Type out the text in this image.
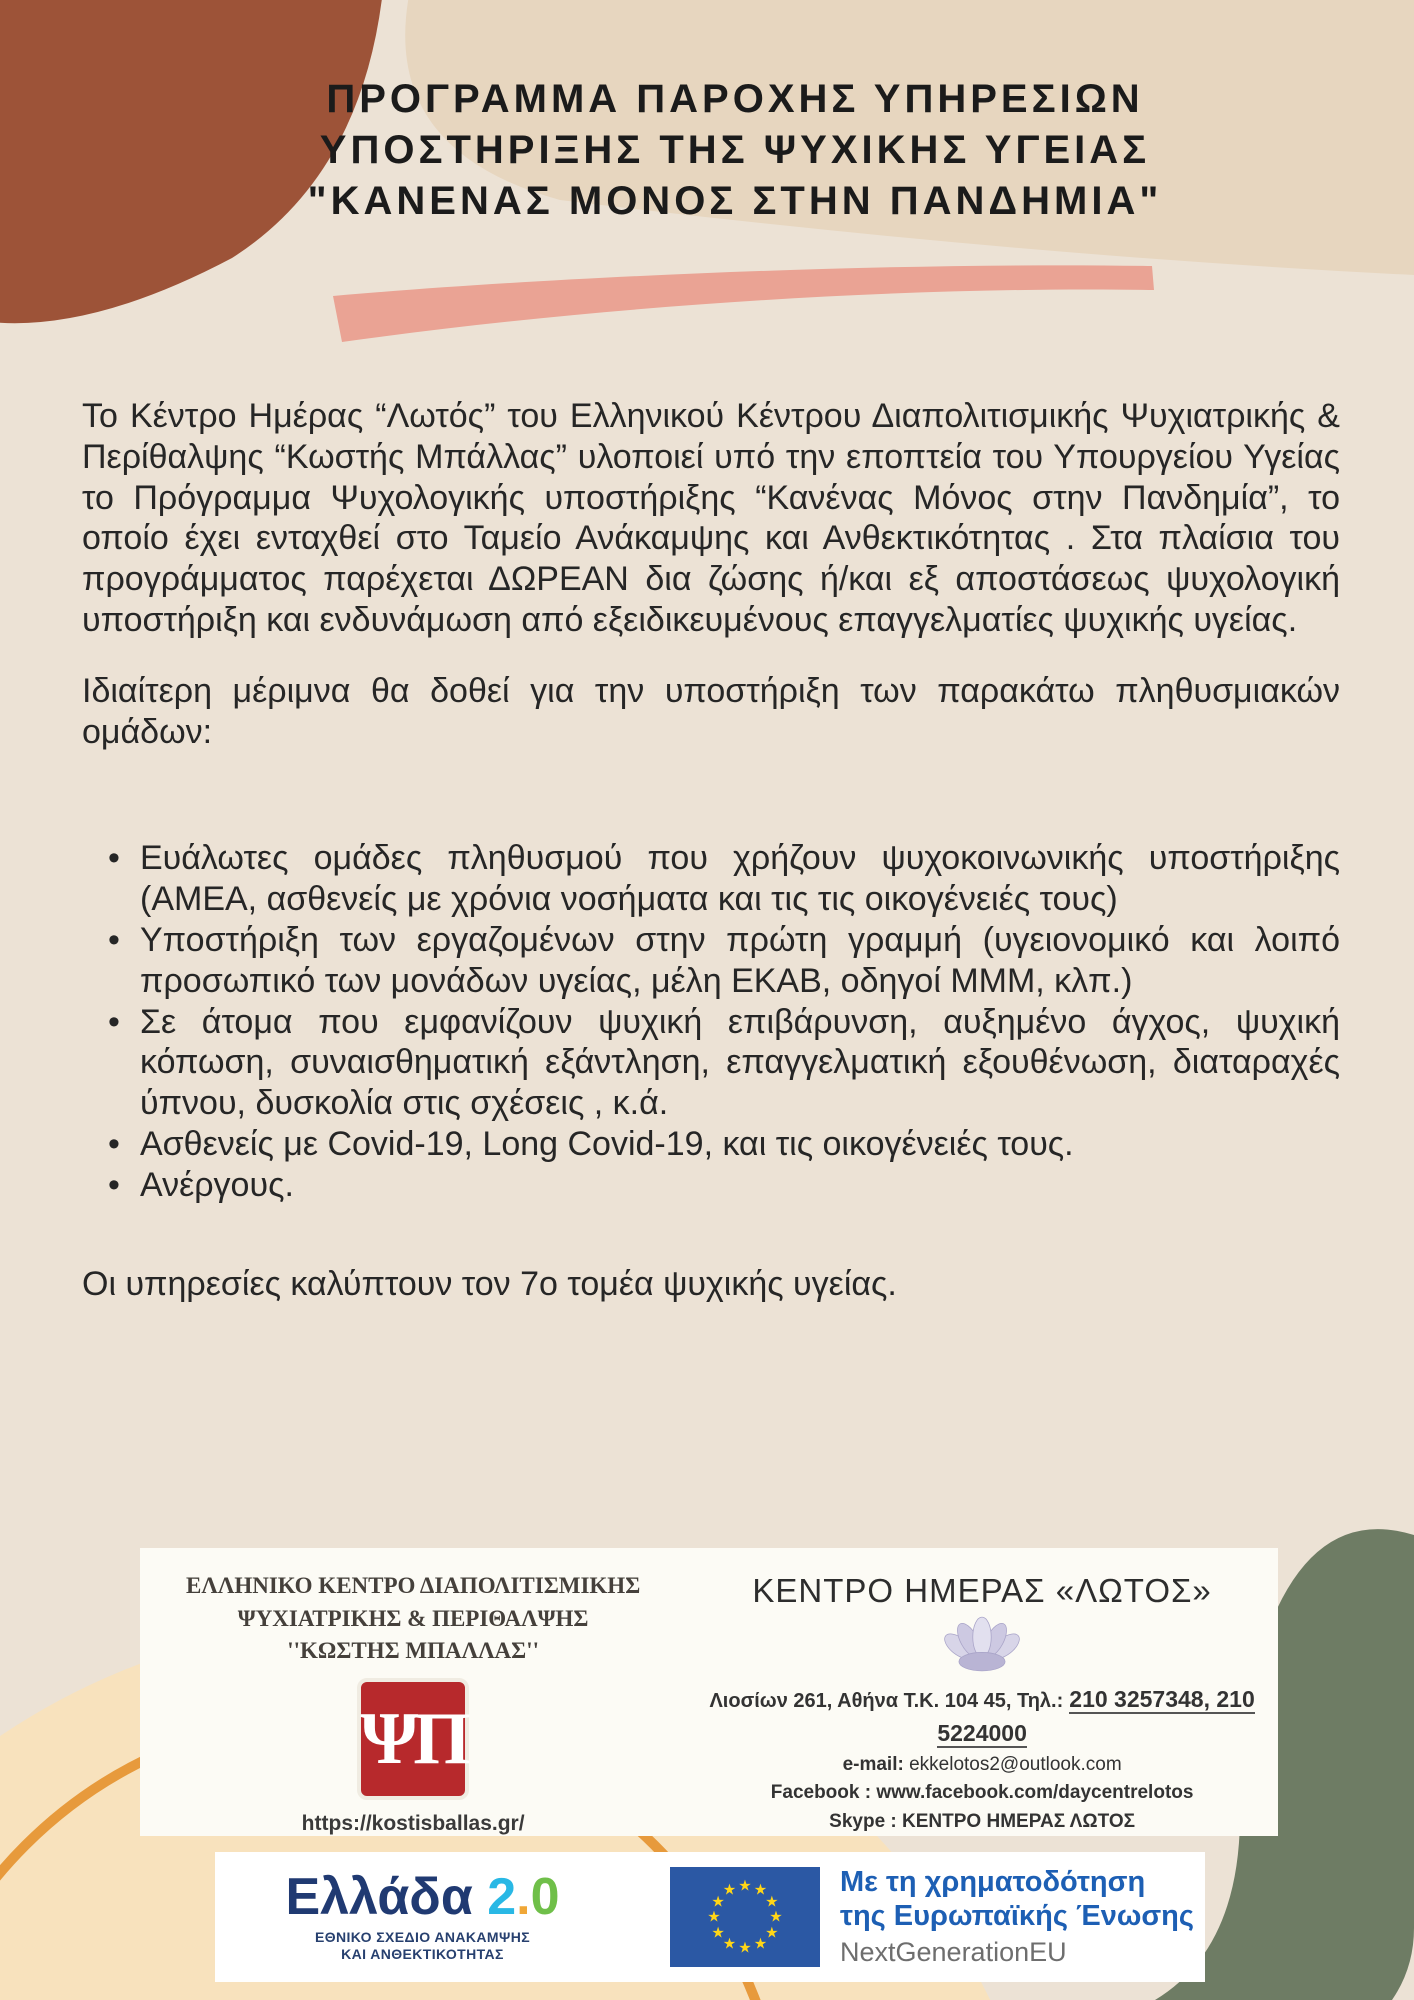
ΠΡΟΓΡΑΜΜΑ ΠΑΡΟΧΗΣ ΥΠΗΡΕΣΙΩΝ
ΥΠΟΣΤΗΡΙΞΗΣ ΤΗΣ ΨΥΧΙΚΗΣ ΥΓΕΙΑΣ
"ΚΑΝΕΝΑΣ ΜΟΝΟΣ ΣΤΗΝ ΠΑΝΔΗΜΙΑ"

Το Κέντρο Ημέρας “Λωτός” του Ελληνικού Κέντρου Διαπολιτισμικής Ψυχιατρικής & Περίθαλψης “Κωστής Μπάλλας” υλοποιεί υπό την εποπτεία του Υπουργείου Υγείας το Πρόγραμμα Ψυχολογικής υποστήριξης “Κανένας Μόνος στην Πανδημία”, το οποίο έχει ενταχθεί στο Ταμείο Ανάκαμψης και Ανθεκτικότητας . Στα πλαίσια του προγράμματος παρέχεται ΔΩΡΕΑΝ δια ζώσης ή/και εξ αποστάσεως ψυχολογική υποστήριξη και ενδυνάμωση από εξειδικευμένους επαγγελματίες ψυχικής υγείας.

Ιδιαίτερη μέριμνα θα δοθεί για την υποστήριξη των παρακάτω πληθυσμιακών ομάδων:

• Ευάλωτες ομάδες πληθυσμού που χρήζουν ψυχοκοινωνικής υποστήριξης (ΑΜΕΑ, ασθενείς με χρόνια νοσήματα και τις τις οικογένειές τους)
• Υποστήριξη των εργαζομένων στην πρώτη γραμμή (υγειονομικό και λοιπό προσωπικό των μονάδων υγείας, μέλη ΕΚΑΒ, οδηγοί ΜΜΜ, κλπ.)
• Σε άτομα που εμφανίζουν ψυχική επιβάρυνση, αυξημένο άγχος, ψυχική κόπωση, συναισθηματική εξάντληση, επαγγελματική εξουθένωση, διαταραχές ύπνου, δυσκολία στις σχέσεις , κ.ά.
• Ασθενείς με Covid-19, Long Covid-19, και τις οικογένειές τους.
• Ανέργους.

Οι υπηρεσίες καλύπτουν τον 7ο τομέα ψυχικής υγείας.

ΕΛΛΗΝΙΚΟ ΚΕΝΤΡΟ ΔΙΑΠΟΛΙΤΙΣΜΙΚΗΣ
ΨΥΧΙΑΤΡΙΚΗΣ & ΠΕΡΙΘΑΛΨΗΣ
''ΚΩΣΤΗΣ ΜΠΑΛΛΑΣ''
ΨΠ
https://kostisballas.gr/
ΚΕΝΤΡΟ ΗΜΕΡΑΣ «ΛΩΤΟΣ»
Λιοσίων 261, Αθήνα Τ.Κ. 104 45, Τηλ.: 210 3257348, 210 5224000
e-mail: ekkelotos2@outlook.com
Facebook : www.facebook.com/daycentrelotos
Skype : ΚΕΝΤΡΟ ΗΜΕΡΑΣ ΛΩΤΟΣ
Ελλάδα 2.0
ΕΘΝΙΚΟ ΣΧΕΔΙΟ ΑΝΑΚΑΜΨΗΣ
ΚΑΙ ΑΝΘΕΚΤΙΚΟΤΗΤΑΣ
★ ★
★
★
★
★
★
★
★
★
★
★	Με τη χρηματοδότηση
της Ευρωπαϊκής Ένωσης
NextGenerationEU
